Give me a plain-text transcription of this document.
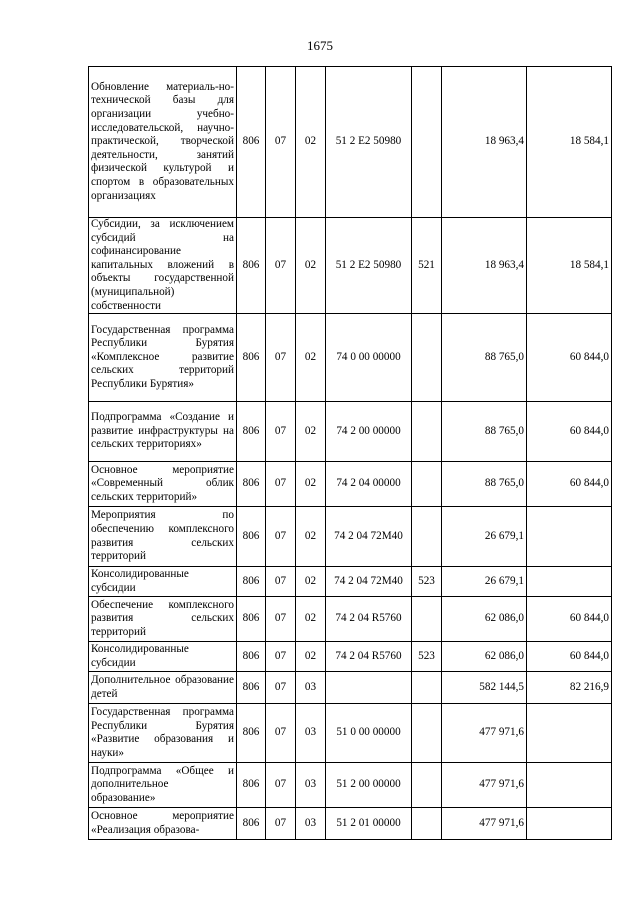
1675
Обновление материаль-но-технической базы для организации учебно-исследовательской, научно-практической, творческой деятельности, занятий физической культурой и спортом в образовательных организациях	806	07	02	51 2 E2 50980		18 963,4	18 584,1
Субсидии, за исключением субсидий на софинансирование капитальных вложений в объекты государственной (муниципальной) собственности	806	07	02	51 2 E2 50980	521	18 963,4	18 584,1
Государственная программа Республики Бурятия «Комплексное развитие сельских территорий Республики Бурятия»	806	07	02	74 0 00 00000		88 765,0	60 844,0
Подпрограмма «Создание и развитие инфраструктуры на сельских территориях»	806	07	02	74 2 00 00000		88 765,0	60 844,0
Основное мероприятие «Современный облик сельских территорий»	806	07	02	74 2 04 00000		88 765,0	60 844,0
Мероприятия по обеспечению комплексного развития сельских территорий	806	07	02	74 2 04 72M40		26 679,1	
Консолидированные субсидии	806	07	02	74 2 04 72M40	523	26 679,1	
Обеспечение комплексного развития сельских территорий	806	07	02	74 2 04 R5760		62 086,0	60 844,0
Консолидированные субсидии	806	07	02	74 2 04 R5760	523	62 086,0	60 844,0
Дополнительное образование детей	806	07	03			582 144,5	82 216,9
Государственная программа Республики Бурятия «Развитие образования и науки»	806	07	03	51 0 00 00000		477 971,6	
Подпрограмма «Общее и дополнительное образование»	806	07	03	51 2 00 00000		477 971,6	
Основное мероприятие «Реализация образова-	806	07	03	51 2 01 00000		477 971,6	
